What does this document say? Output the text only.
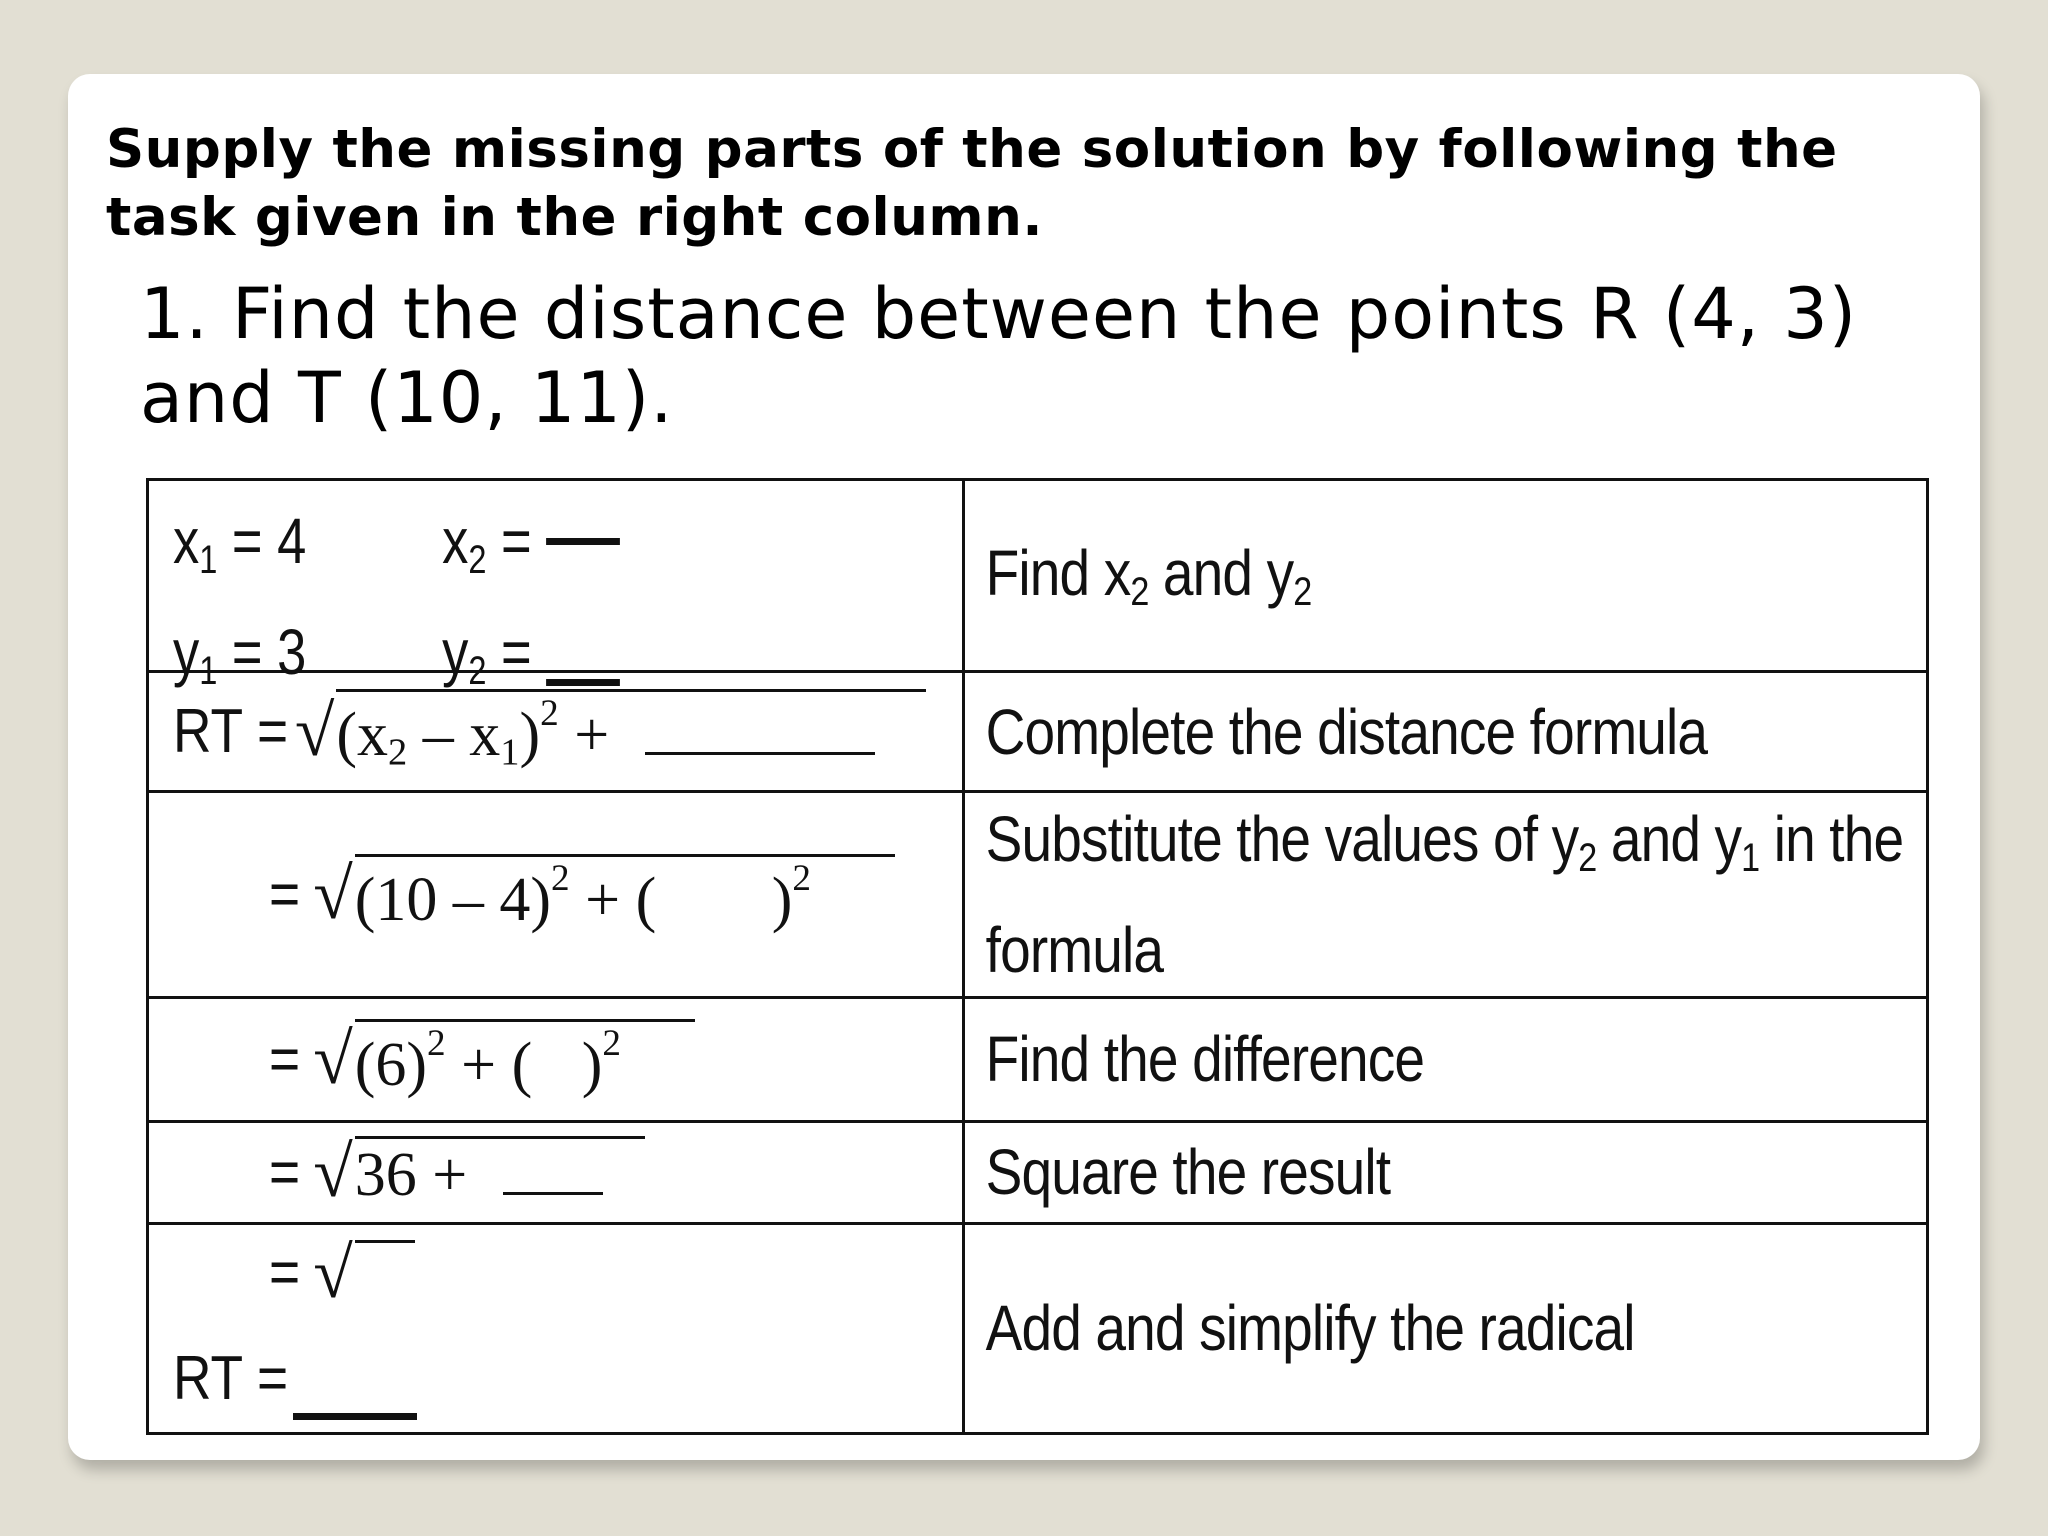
Supply the missing parts of the solution by following the task given in the right column.
1. Find the distance between the points R (4, 3)
and T (10, 11).
$x_1 = 4$ $x_2$ =
$y_1 = 3$ $y_2$ =	Find $x_2$ and $y_2$

RT = √ $(x_2 - x_1)^2$ +	Complete the distance formula

= √ (10 – 4)$^2$ + ( )$^2$	Substitute the values of $y_2$ and $y_1$ in the formula

= √ $(6)^2$ + ( )$^2$	Find the difference

= √ 36 +	Square the result

= √
RT =	Add and simplify the radical
